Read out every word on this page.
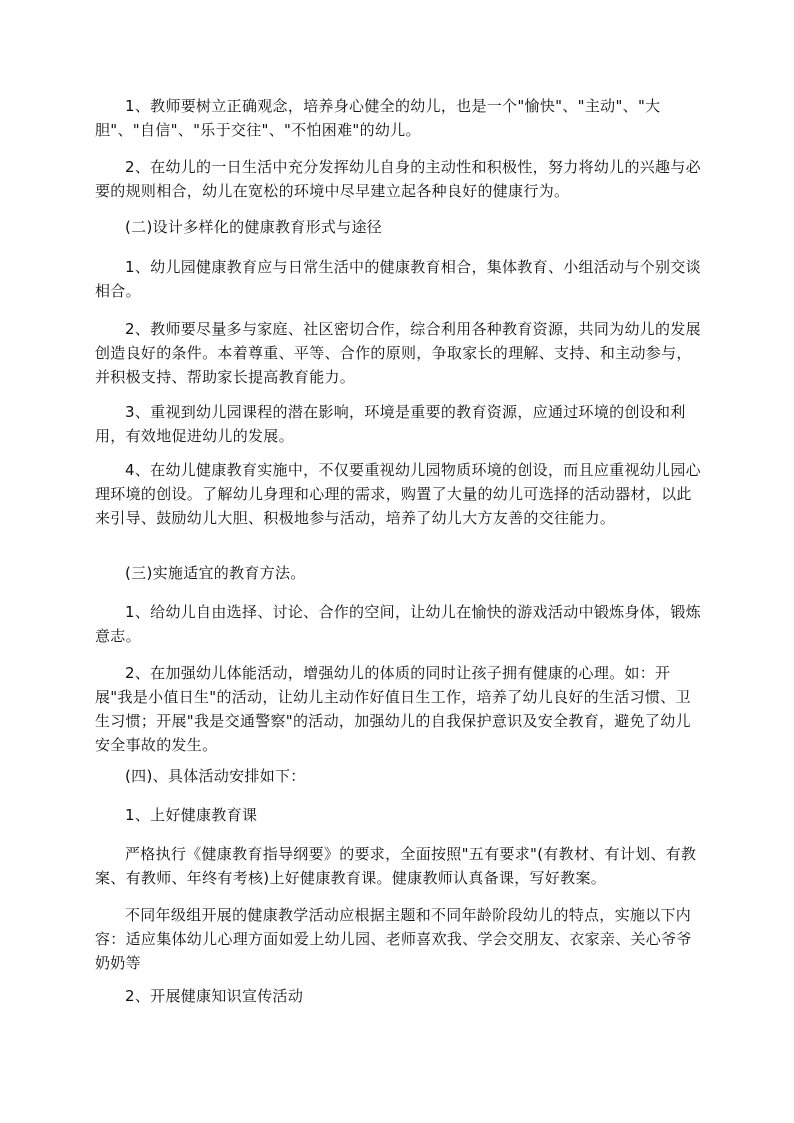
1、教师要树立正确观念，培养身心健全的幼儿，也是一个"愉快"、"主动"、"大胆"、"自信"、"乐于交往"、"不怕困难"的幼儿。

2、在幼儿的一日生活中充分发挥幼儿自身的主动性和积极性，努力将幼儿的兴趣与必要的规则相合，幼儿在宽松的环境中尽早建立起各种良好的健康行为。

(二)设计多样化的健康教育形式与途径

1、幼儿园健康教育应与日常生活中的健康教育相合，集体教育、小组活动与个别交谈相合。

2、教师要尽量多与家庭、社区密切合作，综合利用各种教育资源，共同为幼儿的发展创造良好的条件。本着尊重、平等、合作的原则，争取家长的理解、支持、和主动参与，并积极支持、帮助家长提高教育能力。

3、重视到幼儿园课程的潜在影响，环境是重要的教育资源，应通过环境的创设和利用，有效地促进幼儿的发展。

4、在幼儿健康教育实施中，不仅要重视幼儿园物质环境的创设，而且应重视幼儿园心理环境的创设。了解幼儿身理和心理的需求，购置了大量的幼儿可选择的活动器材，以此来引导、鼓励幼儿大胆、积极地参与活动，培养了幼儿大方友善的交往能力。

(三)实施适宜的教育方法。

1、给幼儿自由选择、讨论、合作的空间，让幼儿在愉快的游戏活动中锻炼身体，锻炼意志。

2、在加强幼儿体能活动，增强幼儿的体质的同时让孩子拥有健康的心理。如：开展"我是小值日生"的活动，让幼儿主动作好值日生工作，培养了幼儿良好的生活习惯、卫生习惯；开展"我是交通警察"的活动，加强幼儿的自我保护意识及安全教育，避免了幼儿安全事故的发生。

(四)、具体活动安排如下：

1、上好健康教育课

严格执行《健康教育指导纲要》的要求，全面按照"五有要求"(有教材、有计划、有教案、有教师、年终有考核)上好健康教育课。健康教师认真备课，写好教案。

不同年级组开展的健康教学活动应根据主题和不同年龄阶段幼儿的特点，实施以下内容：适应集体幼儿心理方面如爱上幼儿园、老师喜欢我、学会交朋友、衣家亲、关心爷爷奶奶等

2、开展健康知识宣传活动
